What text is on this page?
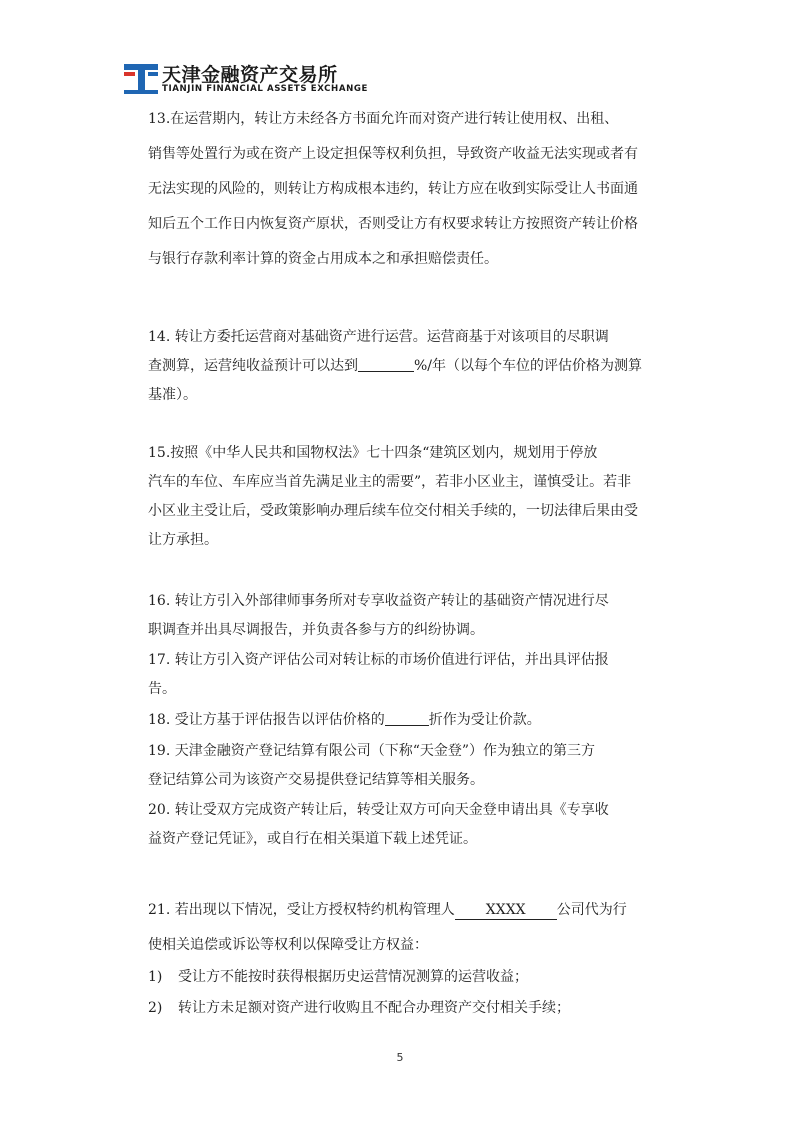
天津金融资产交易所
TIANJIN FINANCIAL ASSETS EXCHANGE
13.在运营期内，转让方未经各方书面允许而对资产进行转让使用权、出租、
销售等处置行为或在资产上设定担保等权利负担，导致资产收益无法实现或者有
无法实现的风险的，则转让方构成根本违约，转让方应在收到实际受让人书面通
知后五个工作日内恢复资产原状，否则受让方有权要求转让方按照资产转让价格
与银行存款利率计算的资金占用成本之和承担赔偿责任。
14. 转让方委托运营商对基础资产进行运营。运营商基于对该项目的尽职调
查测算，运营纯收益预计可以达到	%/年（以每个车位的评估价格为测算
基准）。
15.按照《中华人民共和国物权法》七十四条“建筑区划内，规划用于停放
汽车的车位、车库应当首先满足业主的需要”，若非小区业主，谨慎受让。若非
小区业主受让后，受政策影响办理后续车位交付相关手续的，一切法律后果由受
让方承担。
16. 转让方引入外部律师事务所对专享收益资产转让的基础资产情况进行尽
职调查并出具尽调报告，并负责各参与方的纠纷协调。
17. 转让方引入资产评估公司对转让标的市场价值进行评估，并出具评估报
告。
18. 受让方基于评估报告以评估价格的	折作为受让价款。
19. 天津金融资产登记结算有限公司（下称“天金登”）作为独立的第三方
登记结算公司为该资产交易提供登记结算等相关服务。
20. 转让受双方完成资产转让后，转受让双方可向天金登申请出具《专享收
益资产登记凭证》，或自行在相关渠道下载上述凭证。
21. 若出现以下情况，受让方授权特约机构管理人 XXXX 公司代为行
使相关追偿或诉讼等权利以保障受让方权益：
1) 受让方不能按时获得根据历史运营情况测算的运营收益；
2) 转让方未足额对资产进行收购且不配合办理资产交付相关手续；
5
